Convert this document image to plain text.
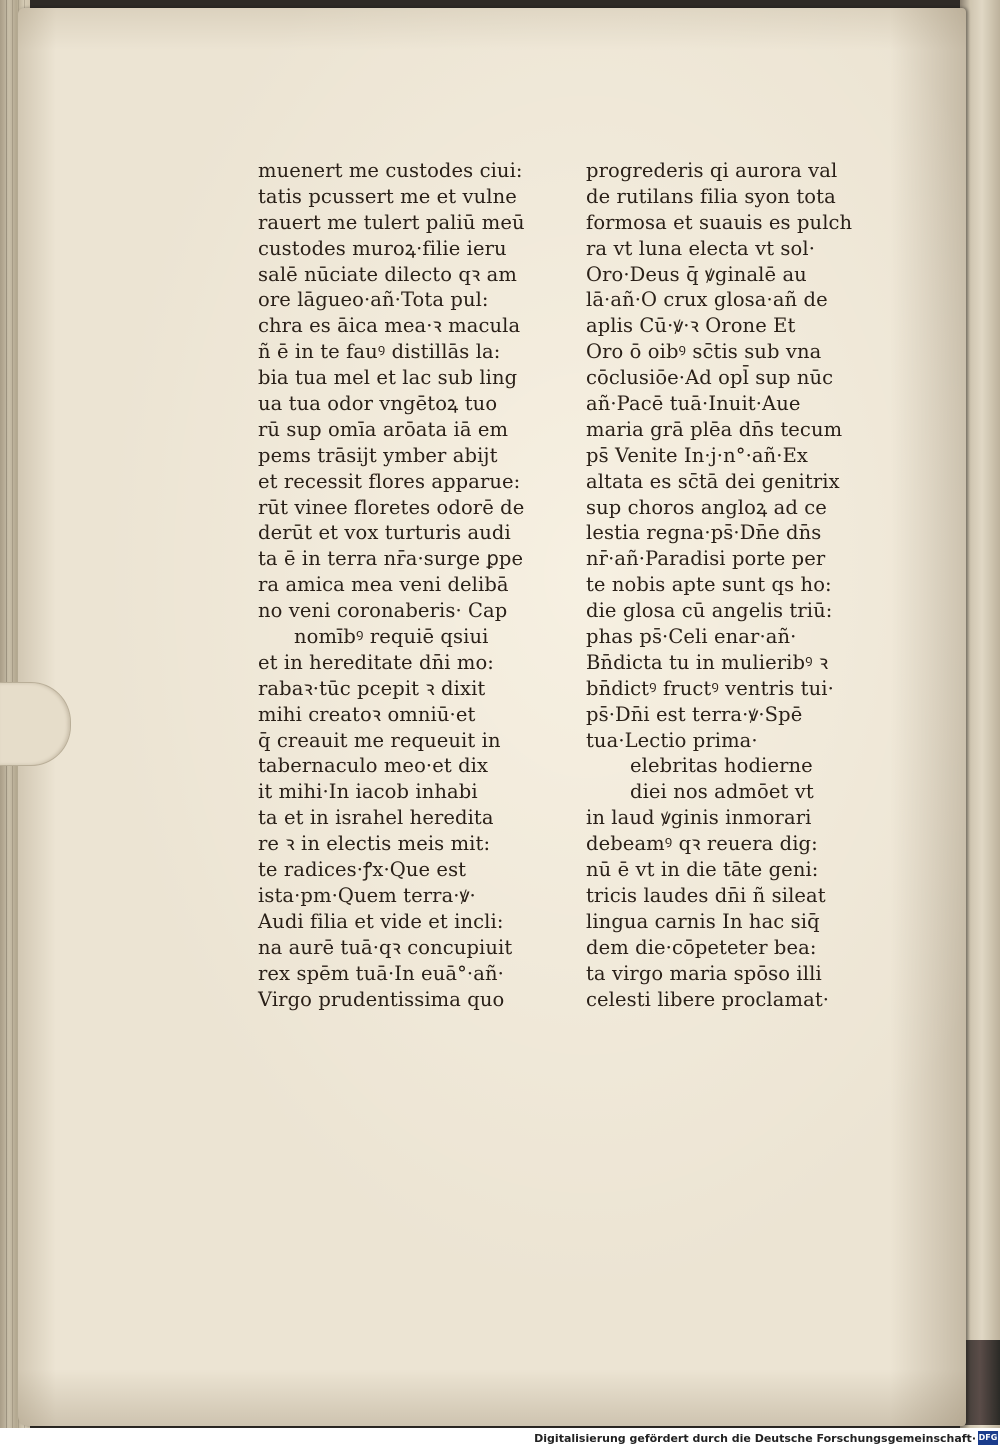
muenert me custodes ciui:
tatis pcussert me et vulne
rauert me tulert paliū meū
custodes muroꝝ·filie ieru
salē nūciate dilecto qꝛ am
ore lāgueo·añ·Tota pul:
chra es āica mea·ꝛ macula
ñ ē in te fauꝰ distillās la:
bia tua mel et lac sub ling
ua tua odor vngētoꝝ tuo
rū sup omīa arōata iā em
pems trāsijt ymber abijt
et recessit flores apparue:
rūt vinee floretes odorē de
derūt et vox turturis audi
ta ē in terra nr̄a·surge ꝑpe
ra amica mea veni delibā
no veni coronaberis· Cap
nomībꝰ requiē qsiui
et in hereditate dn̄i mo:
rabaꝛ·tūc pcepit ꝛ dixit
mihi creatoꝛ omniū·et
q̄ creauit me requeuit in
tabernaculo meo·et dix
it mihi·In iacob inhabi
ta et in israhel heredita
re ꝛ in electis meis mit:
te radices·ꝭx·Que est
ista·pm·Quem terra·ꝟ·
Audi filia et vide et incli:
na aurē tuā·qꝛ concupiuit
rex spēm tuā·In euā°·añ·
Virgo prudentissima quo
progrederis qi aurora val
de rutilans filia syon tota
formosa et suauis es pulch
ra vt luna electa vt sol·
Oro·Deus q̄ ꝟginalē au
lā·añ·O crux glosa·añ de
aplis Cū·ꝟ·ꝛ Orone Et
Oro ō oibꝰ sc̄tis sub vna
cōclusiōe·Ad opl̄ sup nūc
añ·Pacē tuā·Inuit·Aue
maria grā plēa dn̄s tecum
ps̄ Venite In·j·n°·añ·Ex
altata es sc̄tā dei genitrix
sup choros angloꝝ ad ce
lestia regna·ps̄·Dn̄e dn̄s
nr̄·añ·Paradisi porte per
te nobis apte sunt qs ho:
die glosa cū angelis triū:
phas ps̄·Celi enar·añ·
Bn̄dicta tu in mulieribꝰ ꝛ
bn̄dictꝰ fructꝰ ventris tui·
ps̄·Dn̄i est terra·ꝟ·Spē
tua·Lectio prima·
elebritas hodierne
diei nos admōet vt
in laud ꝟginis inmorari
debeamꝰ qꝛ reuera dig:
nū ē vt in die tāte geni:
tricis laudes dn̄i ñ sileat
lingua carnis In hac siq̄
dem die·cōpeteter bea:
ta virgo maria spōso illi
celesti libere proclamat·
Digitalisierung gefördert durch die Deutsche Forschungsgemeinschaft· DFG
